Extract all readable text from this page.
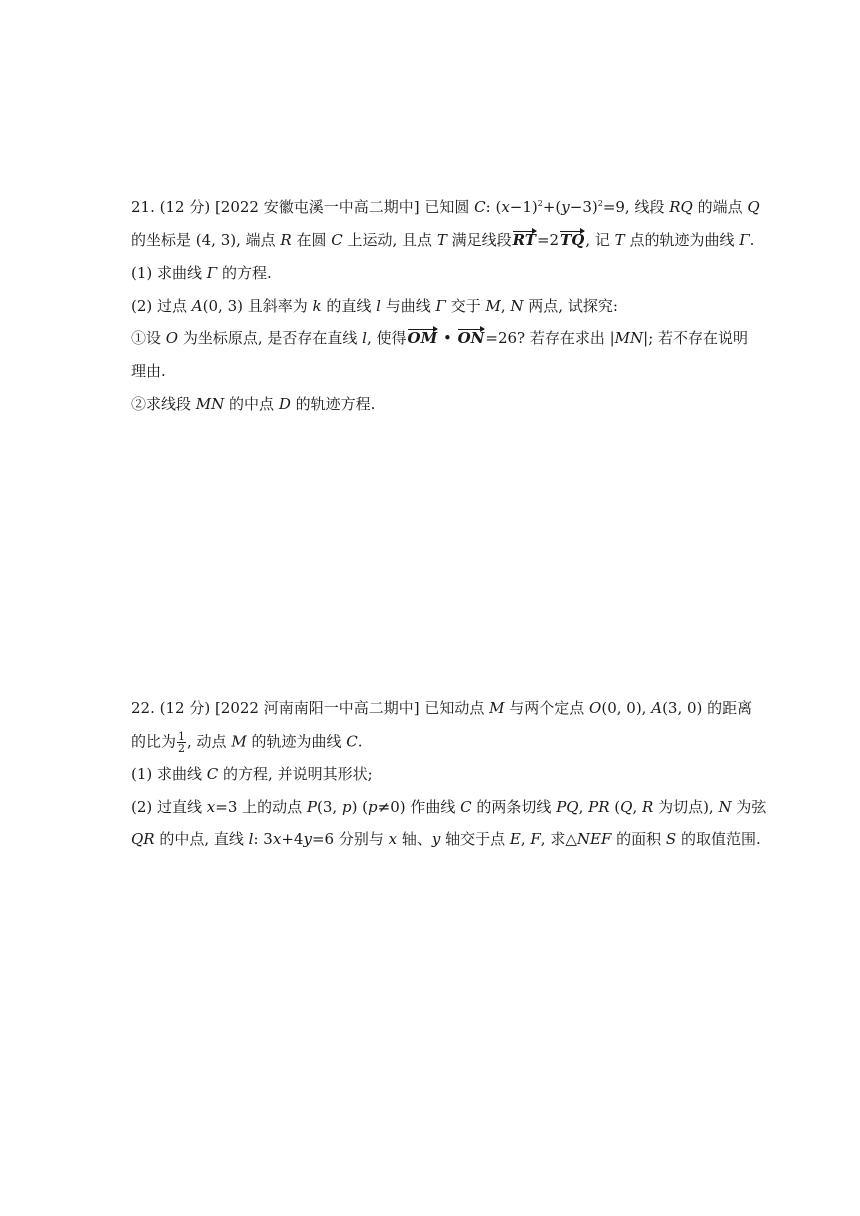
21. (12 分) [2022 安徽屯溪一中高二期中] 已知圆 C: $(x-1)^2+(y-3)^2=9$, 线段 RQ 的端点 Q
的坐标是 (4, 3), 端点 R 在圆 C 上运动, 且点 T 满足线段RT=2TQ, 记 T 点的轨迹为曲线 Γ.
(1) 求曲线 Γ 的方程.
(2) 过点 A(0, 3) 且斜率为 k 的直线 l 与曲线 Γ 交于 M, N 两点, 试探究:
①设 O 为坐标原点, 是否存在直线 l, 使得OM • ON=26? 若存在求出 |MN|; 若不存在说明
理由.
②求线段 MN 的中点 D 的轨迹方程.
22. (12 分) [2022 河南南阳一中高二期中] 已知动点 M 与两个定点 O(0, 0), A(3, 0) 的距离
的比为 $\frac{1}{2}$ , 动点 M 的轨迹为曲线 C.
(1) 求曲线 C 的方程, 并说明其形状;
(2) 过直线 x=3 上的动点 P(3, p) (p≠0) 作曲线 C 的两条切线 PQ, PR (Q, R 为切点), N 为弦
QR 的中点, 直线 l: 3x+4y=6 分别与 x 轴、y 轴交于点 E, F, 求△NEF 的面积 S 的取值范围.
